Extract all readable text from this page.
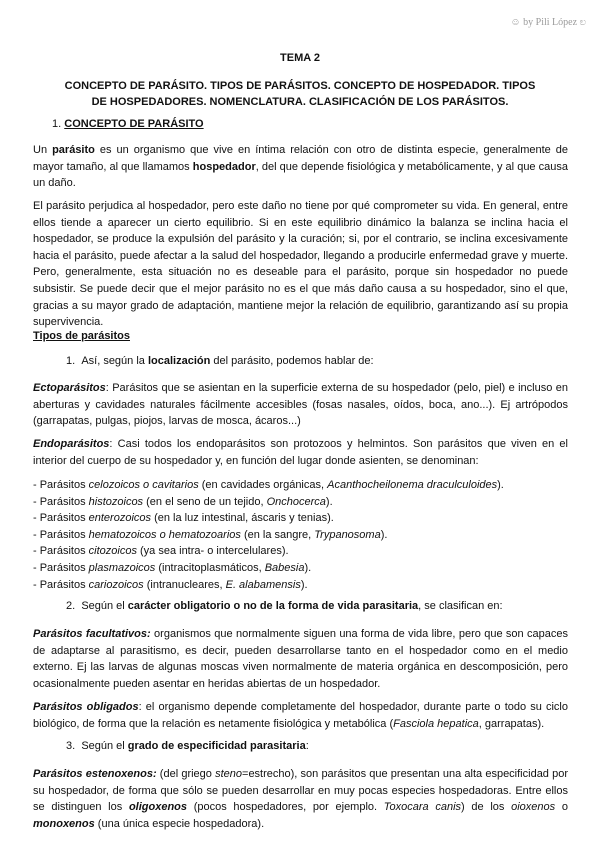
☺ by Pili López ಲ
TEMA 2
CONCEPTO DE PARÁSITO. TIPOS DE PARÁSITOS. CONCEPTO DE HOSPEDADOR. TIPOS
DE HOSPEDADORES. NOMENCLATURA. CLASIFICACIÓN DE LOS PARÁSITOS.

1. CONCEPTO DE PARÁSITO

Un parásito es un organismo que vive en íntima relación con otro de distinta especie, generalmente de mayor tamaño, al que llamamos hospedador, del que depende fisiológica y metabólicamente, y al que causa un daño.

El parásito perjudica al hospedador, pero este daño no tiene por qué comprometer su vida. En general, entre ellos tiende a aparecer un cierto equilibrio. Si en este equilibrio dinámico la balanza se inclina hacia el hospedador, se produce la expulsión del parásito y la curación; si, por el contrario, se inclina excesivamente hacia el parásito, puede afectar a la salud del hospedador, llegando a producirle enfermedad grave y muerte. Pero, generalmente, esta situación no es deseable para el parásito, porque sin hospedador no puede subsistir. Se puede decir que el mejor parásito no es el que más daño causa a su hospedador, sino el que, gracias a su mayor grado de adaptación, mantiene mejor la relación de equilibrio, garantizando así su propia supervivencia.

Tipos de parásitos

1. Así, según la localización del parásito, podemos hablar de:

Ectoparásitos: Parásitos que se asientan en la superficie externa de su hospedador (pelo, piel) e incluso en aberturas y cavidades naturales fácilmente accesibles (fosas nasales, oídos, boca, ano...). Ej artrópodos (garrapatas, pulgas, piojos, larvas de mosca, ácaros...)

Endoparásitos: Casi todos los endoparásitos son protozoos y helmintos. Son parásitos que viven en el interior del cuerpo de su hospedador y, en función del lugar donde asienten, se denominan:

- Parásitos celozoicos o cavitarios (en cavidades orgánicas, Acanthocheilonema draculculoides).
- Parásitos histozoicos (en el seno de un tejido, Onchocerca).
- Parásitos enterozoicos (en la luz intestinal, áscaris y tenias).
- Parásitos hematozoicos o hematozoarios (en la sangre, Trypanosoma).
- Parásitos citozoicos (ya sea intra- o intercelulares).
- Parásitos plasmazoicos (intracitoplasmáticos, Babesia).
- Parásitos cariozoicos (intranucleares, E. alabamensis).

2. Según el carácter obligatorio o no de la forma de vida parasitaria, se clasifican en:

Parásitos facultativos: organismos que normalmente siguen una forma de vida libre, pero que son capaces de adaptarse al parasitismo, es decir, pueden desarrollarse tanto en el hospedador como en el medio externo. Ej las larvas de algunas moscas viven normalmente de materia orgánica en descomposición, pero ocasionalmente pueden asentar en heridas abiertas de un hospedador.

Parásitos obligados: el organismo depende completamente del hospedador, durante parte o todo su ciclo biológico, de forma que la relación es netamente fisiológica y metabólica (Fasciola hepatica, garrapatas).

3. Según el grado de especificidad parasitaria:

Parásitos estenoxenos: (del griego steno=estrecho), son parásitos que presentan una alta especificidad por su hospedador, de forma que sólo se pueden desarrollar en muy pocas especies hospedadoras. Entre ellos se distinguen los oligoxenos (pocos hospedadores, por ejemplo. Toxocara canis) de los oioxenos o monoxenos (una única especie hospedadora).
